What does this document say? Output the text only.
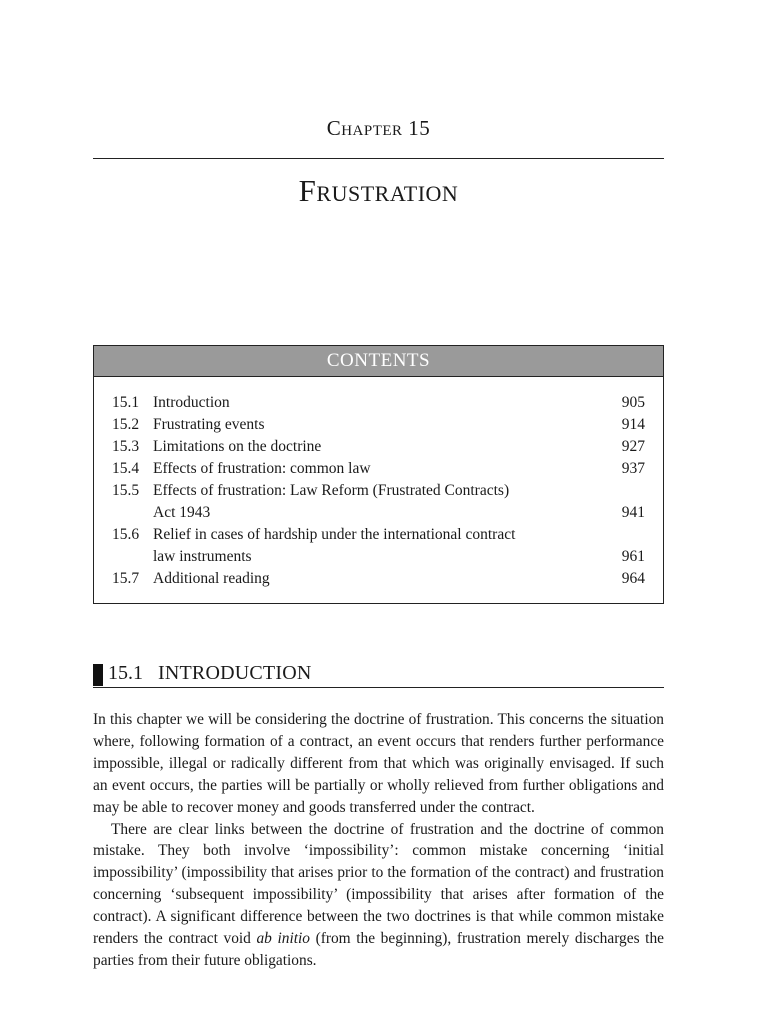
Chapter 15
Frustration
CONTENTS
15.1 Introduction	905
15.2 Frustrating events	914
15.3 Limitations on the doctrine	927
15.4 Effects of frustration: common law	937
15.5 Effects of frustration: Law Reform (Frustrated Contracts)
Act 1943	941
15.6 Relief in cases of hardship under the international contract
law instruments	961
15.7 Additional reading	964
15.1 INTRODUCTION

In this chapter we will be considering the doctrine of frustration. This concerns the situation where, following formation of a contract, an event occurs that renders further performance impossible, illegal or radically different from that which was originally envisaged. If such an event occurs, the parties will be partially or wholly relieved from further obligations and may be able to recover money and goods transferred under the contract.

There are clear links between the doctrine of frustration and the doctrine of common mistake. They both involve ‘impossibility’: common mistake concerning ‘initial impossibility’ (impossibility that arises prior to the formation of the contract) and frustration concerning ‘subsequent impossibility’ (impossibility that arises after formation of the contract). A significant difference between the two doctrines is that while common mistake renders the contract void ab initio (from the beginning), frustration merely discharges the parties from their future obligations.
